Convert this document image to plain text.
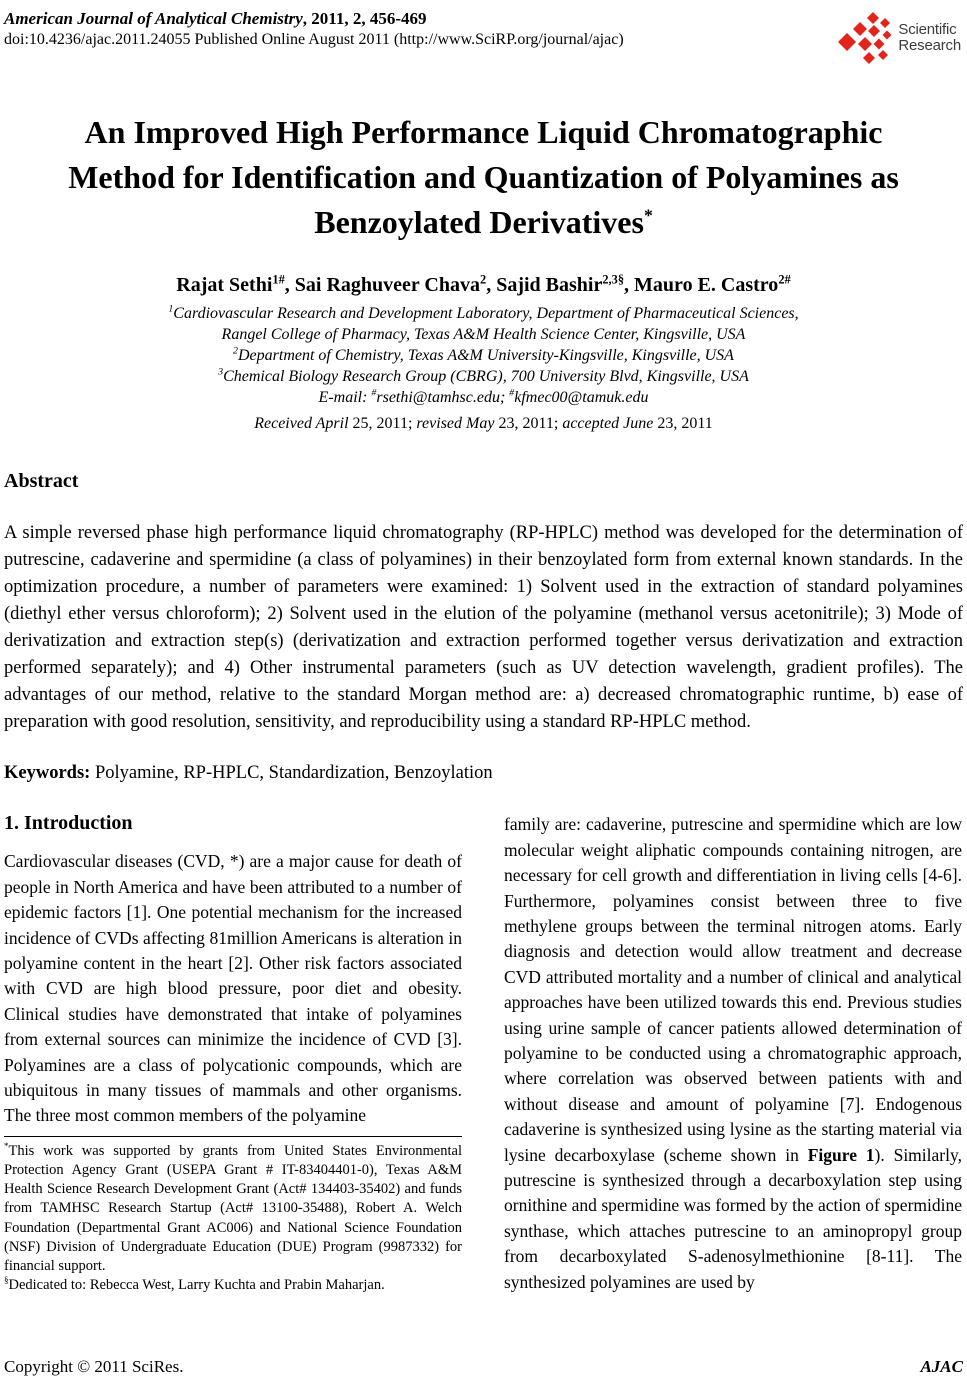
American Journal of Analytical Chemistry, 2011, 2, 456-469
doi:10.4236/ajac.2011.24055 Published Online August 2011 (http://www.SciRP.org/journal/ajac)
Scientific
Research
An Improved High Performance Liquid Chromatographic Method for Identification and Quantization of Polyamines as Benzoylated Derivatives*
Rajat Sethi$^{1\#}$, Sai Raghuveer Chava$^2$, Sajid Bashir$^{2,3\S}$, Mauro E. Castro$^{2\#}$
$^1$Cardiovascular Research and Development Laboratory, Department of Pharmaceutical Sciences,
Rangel College of Pharmacy, Texas A&M Health Science Center, Kingsville, USA
$^2$Department of Chemistry, Texas A&M University-Kingsville, Kingsville, USA
$^3$Chemical Biology Research Group (CBRG), 700 University Blvd, Kingsville, USA
E-mail: #rsethi@tamhsc.edu; #kfmec00@tamuk.edu
Received April 25, 2011; revised May 23, 2011; accepted June 23, 2011
Abstract

A simple reversed phase high performance liquid chromatography (RP-HPLC) method was developed for the determination of putrescine, cadaverine and spermidine (a class of polyamines) in their benzoylated form from external known standards. In the optimization procedure, a number of parameters were examined: 1) Solvent used in the extraction of standard polyamines (diethyl ether versus chloroform); 2) Solvent used in the elution of the polyamine (methanol versus acetonitrile); 3) Mode of derivatization and extraction step(s) (derivatization and extraction performed together versus derivatization and extraction performed separately); and 4) Other instrumental parameters (such as UV detection wavelength, gradient profiles). The advantages of our method, relative to the standard Morgan method are: a) decreased chromatographic runtime, b) ease of preparation with good resolution, sensitivity, and reproducibility using a standard RP-HPLC method.

Keywords: Polyamine, RP-HPLC, Standardization, Benzoylation

1. Introduction

Cardiovascular diseases (CVD, *) are a major cause for death of people in North America and have been attributed to a number of epidemic factors [1]. One potential mechanism for the increased incidence of CVDs affecting 81million Americans is alteration in polyamine content in the heart [2]. Other risk factors associated with CVD are high blood pressure, poor diet and obesity. Clinical studies have demonstrated that intake of polyamines from external sources can minimize the incidence of CVD [3]. Polyamines are a class of polycationic compounds, which are ubiquitous in many tissues of mammals and other organisms. The three most common members of the polyamine

*This work was supported by grants from United States Environmental Protection Agency Grant (USEPA Grant # IT-83404401-0), Texas A&M Health Science Research Development Grant (Act# 134403-35402) and funds from TAMHSC Research Startup (Act# 13100-35488), Robert A. Welch Foundation (Departmental Grant AC006) and National Science Foundation (NSF) Division of Undergraduate Education (DUE) Program (9987332) for financial support.

§Dedicated to: Rebecca West, Larry Kuchta and Prabin Maharjan.

family are: cadaverine, putrescine and spermidine which are low molecular weight aliphatic compounds containing nitrogen, are necessary for cell growth and differentiation in living cells [4-6]. Furthermore, polyamines consist between three to five methylene groups between the terminal nitrogen atoms. Early diagnosis and detection would allow treatment and decrease CVD attributed mortality and a number of clinical and analytical approaches have been utilized towards this end. Previous studies using urine sample of cancer patients allowed determination of polyamine to be conducted using a chromatographic approach, where correlation was observed between patients with and without disease and amount of polyamine [7]. Endogenous cadaverine is synthesized using lysine as the starting material via lysine decarboxylase (scheme shown in Figure 1). Similarly, putrescine is synthesized through a decarboxylation step using ornithine and spermidine was formed by the action of spermidine synthase, which attaches putrescine to an aminopropyl group from decarboxylated S-adenosylmethionine [8-11]. The synthesized polyamines are used by

Copyright © 2011 SciRes.	AJAC
